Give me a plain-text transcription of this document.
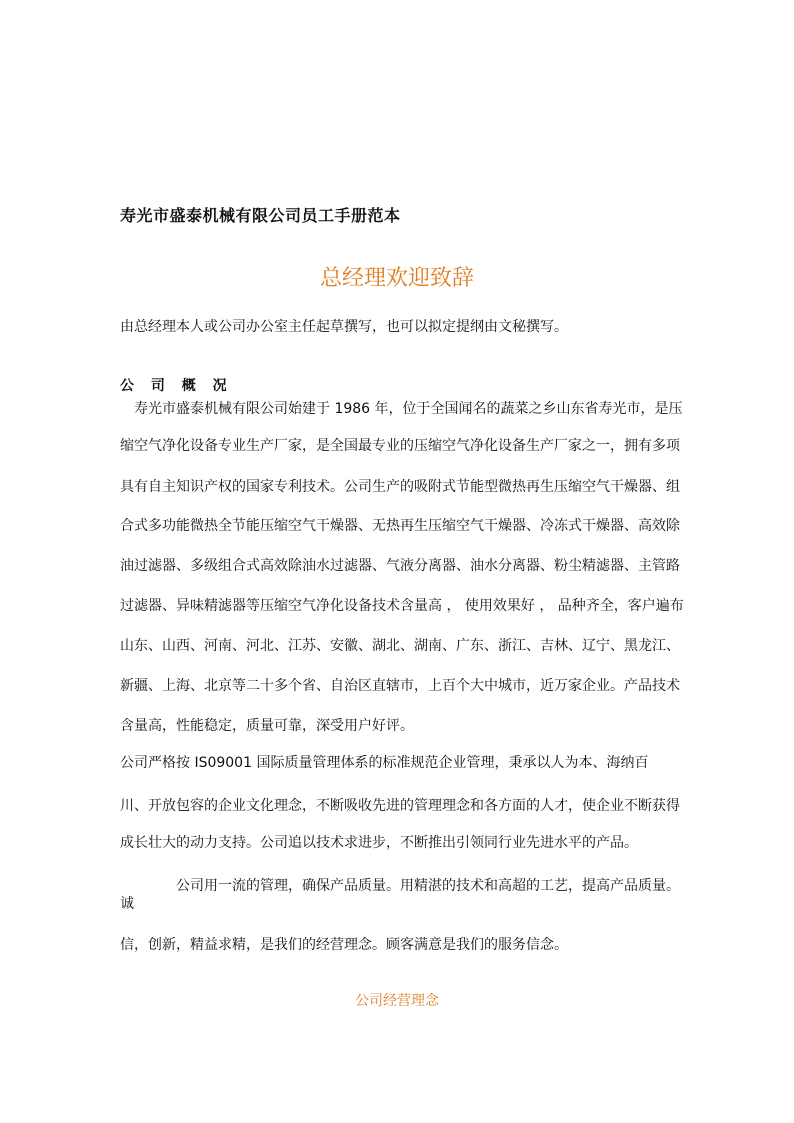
寿光市盛泰机械有限公司员工手册范本
总经理欢迎致辞
由总经理本人或公司办公室主任起草撰写，也可以拟定提纲由文秘撰写。
公 司 概 况
　寿光市盛泰机械有限公司始建于 1986 年，位于全国闻名的蔬菜之乡山东省寿光市，是压
缩空气净化设备专业生产厂家，是全国最专业的压缩空气净化设备生产厂家之一，拥有多项
具有自主知识产权的国家专利技术。公司生产的吸附式节能型微热再生压缩空气干燥器、组
合式多功能微热全节能压缩空气干燥器、无热再生压缩空气干燥器、冷冻式干燥器、高效除
油过滤器、多级组合式高效除油水过滤器、气液分离器、油水分离器、粉尘精滤器、主管路
过滤器、异味精滤器等压缩空气净化设备技术含量高 ， 使用效果好 ， 品种齐全，客户遍布
山东、山西、河南、河北、江苏、安徽、湖北、湖南、广东、浙江、吉林、辽宁、黑龙江、
新疆、上海、北京等二十多个省、自治区直辖市，上百个大中城市，近万家企业。产品技术
含量高，性能稳定，质量可靠，深受用户好评。
公司严格按 IS09001 国际质量管理体系的标准规范企业管理，秉承以人为本、海纳百
川、开放包容的企业文化理念，不断吸收先进的管理理念和各方面的人才，使企业不断获得
成长壮大的动力支持。公司追以技术求进步，不断推出引领同行业先进水平的产品。
　　　　公司用一流的管理，确保产品质量。用精湛的技术和高超的工艺，提高产品质量。
诚
信，创新，精益求精，是我们的经营理念。顾客满意是我们的服务信念。
公司经营理念
